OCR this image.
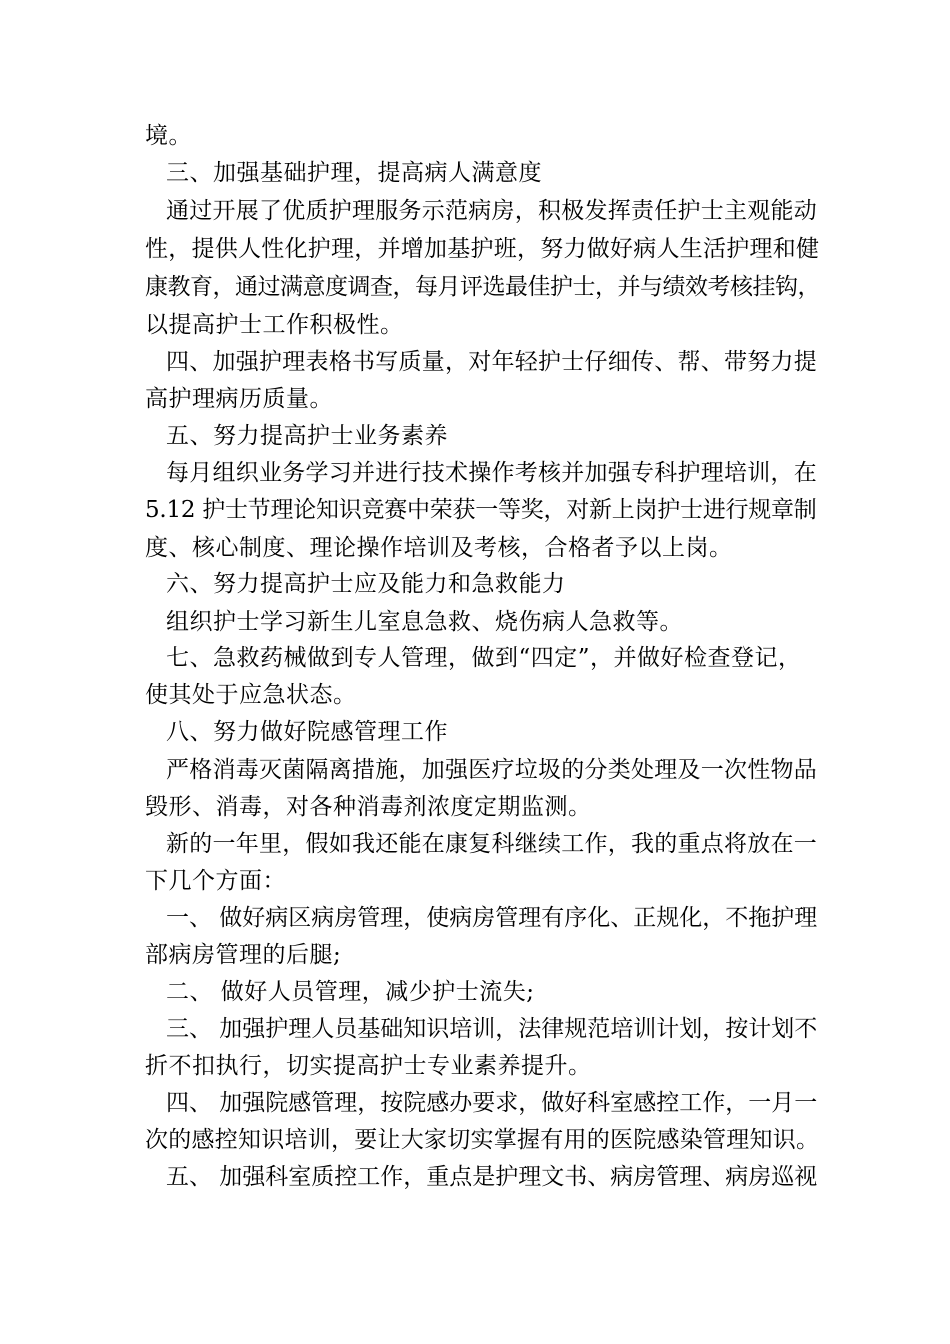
境。

三、加强基础护理，提高病人满意度

通过开展了优质护理服务示范病房，积极发挥责任护士主观能动

性，提供人性化护理，并增加基护班，努力做好病人生活护理和健

康教育，通过满意度调查，每月评选最佳护士，并与绩效考核挂钩，

以提高护士工作积极性。

四、加强护理表格书写质量，对年轻护士仔细传、帮、带努力提

高护理病历质量。

五、努力提高护士业务素养

每月组织业务学习并进行技术操作考核并加强专科护理培训，在

5.12 护士节理论知识竞赛中荣获一等奖，对新上岗护士进行规章制

度、核心制度、理论操作培训及考核，合格者予以上岗。

六、努力提高护士应及能力和急救能力

组织护士学习新生儿室息急救、烧伤病人急救等。

七、急救药械做到专人管理，做到“四定”，并做好检查登记，

使其处于应急状态。

八、努力做好院感管理工作

严格消毒灭菌隔离措施，加强医疗垃圾的分类处理及一次性物品

毁形、消毒，对各种消毒剂浓度定期监测。

新的一年里，假如我还能在康复科继续工作，我的重点将放在一

下几个方面：

一、 做好病区病房管理，使病房管理有序化、正规化，不拖护理

部病房管理的后腿;

二、 做好人员管理，减少护士流失;

三、 加强护理人员基础知识培训，法律规范培训计划，按计划不

折不扣执行，切实提高护士专业素养提升。

四、 加强院感管理，按院感办要求，做好科室感控工作，一月一

次的感控知识培训，要让大家切实掌握有用的医院感染管理知识。

五、 加强科室质控工作，重点是护理文书、病房管理、病房巡视
